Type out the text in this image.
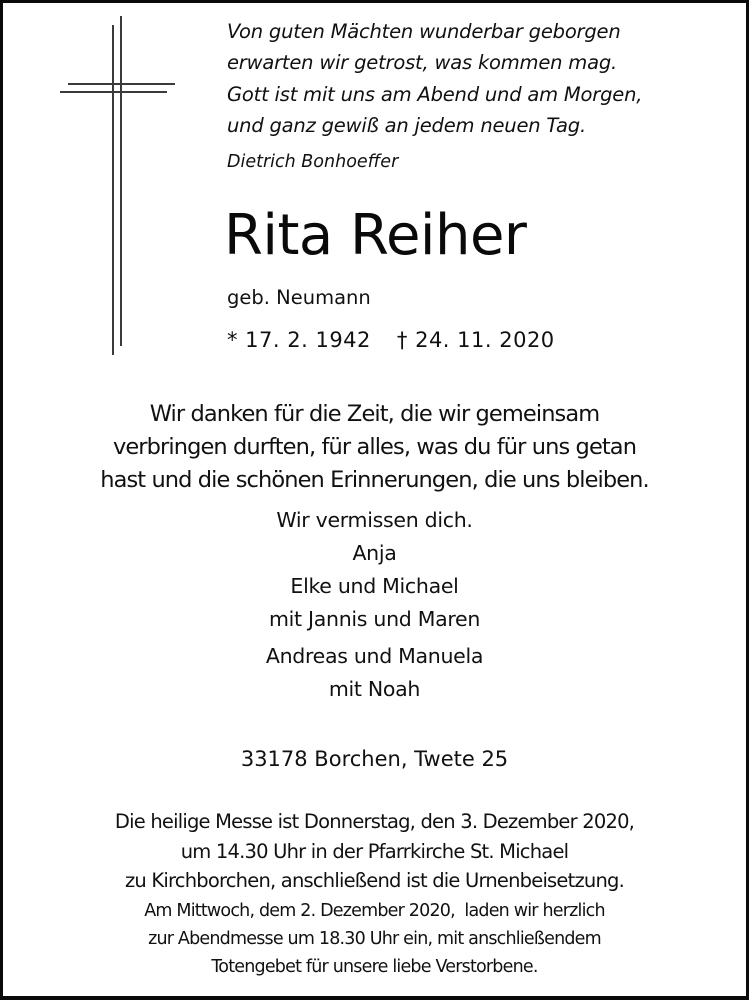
Von guten Mächten wunderbar geborgen
erwarten wir getrost, was kommen mag.
Gott ist mit uns am Abend und am Morgen,
und ganz gewiß an jedem neuen Tag.
Dietrich Bonhoeffer
Rita Reiher
geb. Neumann
* 17. 2. 1942 † 24. 11. 2020
Wir danken für die Zeit, die wir gemeinsam
verbringen durften, für alles, was du für uns getan
hast und die schönen Erinnerungen, die uns bleiben.
Wir vermissen dich.
Anja
Elke und Michael
mit Jannis und Maren
Andreas und Manuela
mit Noah
33178 Borchen, Twete 25
Die heilige Messe ist Donnerstag, den 3. Dezember 2020,
um 14.30 Uhr in der Pfarrkirche St. Michael
zu Kirchborchen, anschließend ist die Urnenbeisetzung.
Am Mittwoch, dem 2. Dezember 2020,  laden wir herzlich
zur Abendmesse um 18.30 Uhr ein, mit anschließendem
Totengebet für unsere liebe Verstorbene.
